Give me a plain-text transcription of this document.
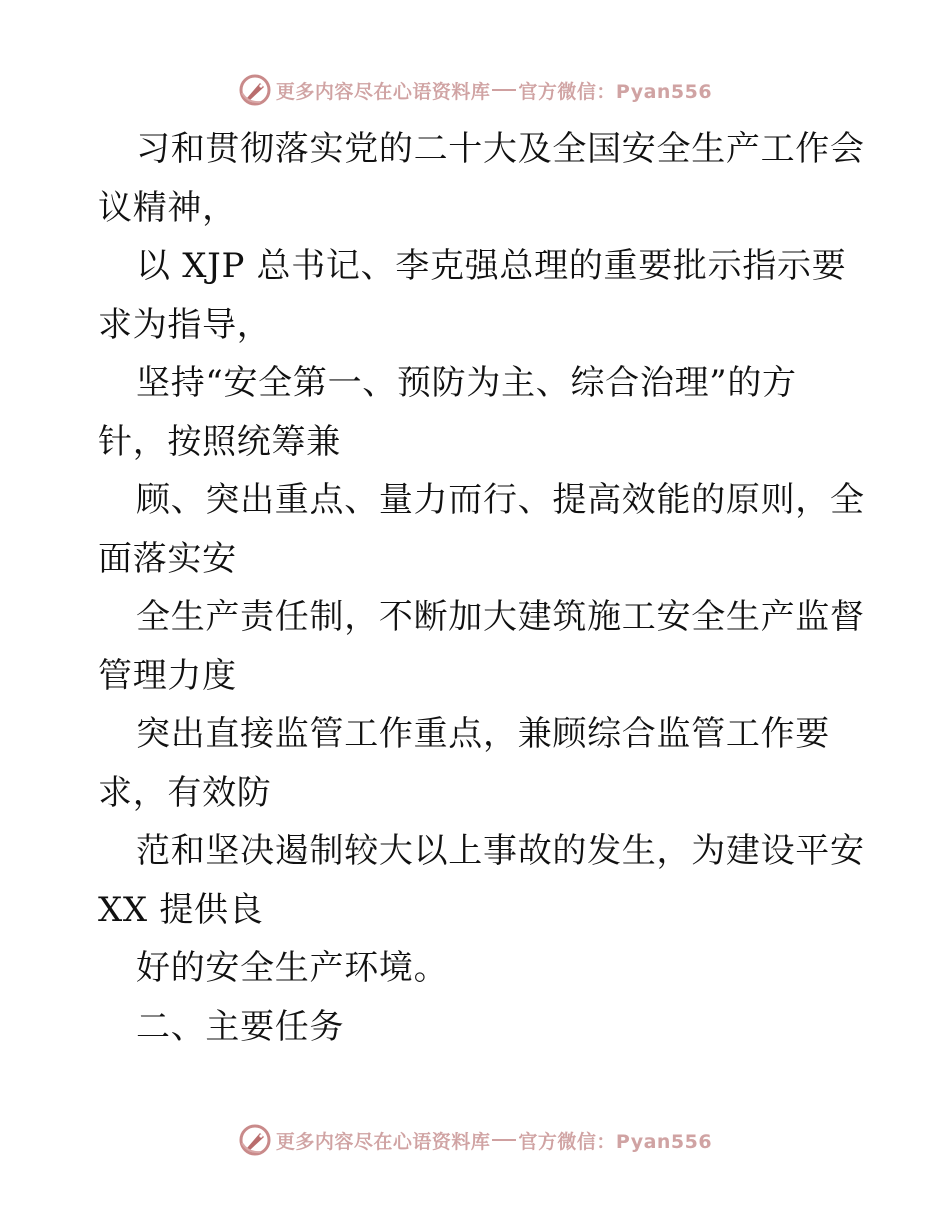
更多内容尽在心语资料库 官方微信：Pyan556
习和贯彻落实党的二十大及全国安全生产工作会
议精神，
以 XJP 总书记、李克强总理的重要批示指示要
求为指导，
坚持“安全第一、预防为主、综合治理”的方
针，按照统筹兼
顾、突出重点、量力而行、提高效能的原则，全
面落实安
全生产责任制，不断加大建筑施工安全生产监督
管理力度
突出直接监管工作重点，兼顾综合监管工作要
求，有效防
范和坚决遏制较大以上事故的发生，为建设平安
XX 提供良
好的安全生产环境。
二、主要任务
更多内容尽在心语资料库 官方微信：Pyan556
